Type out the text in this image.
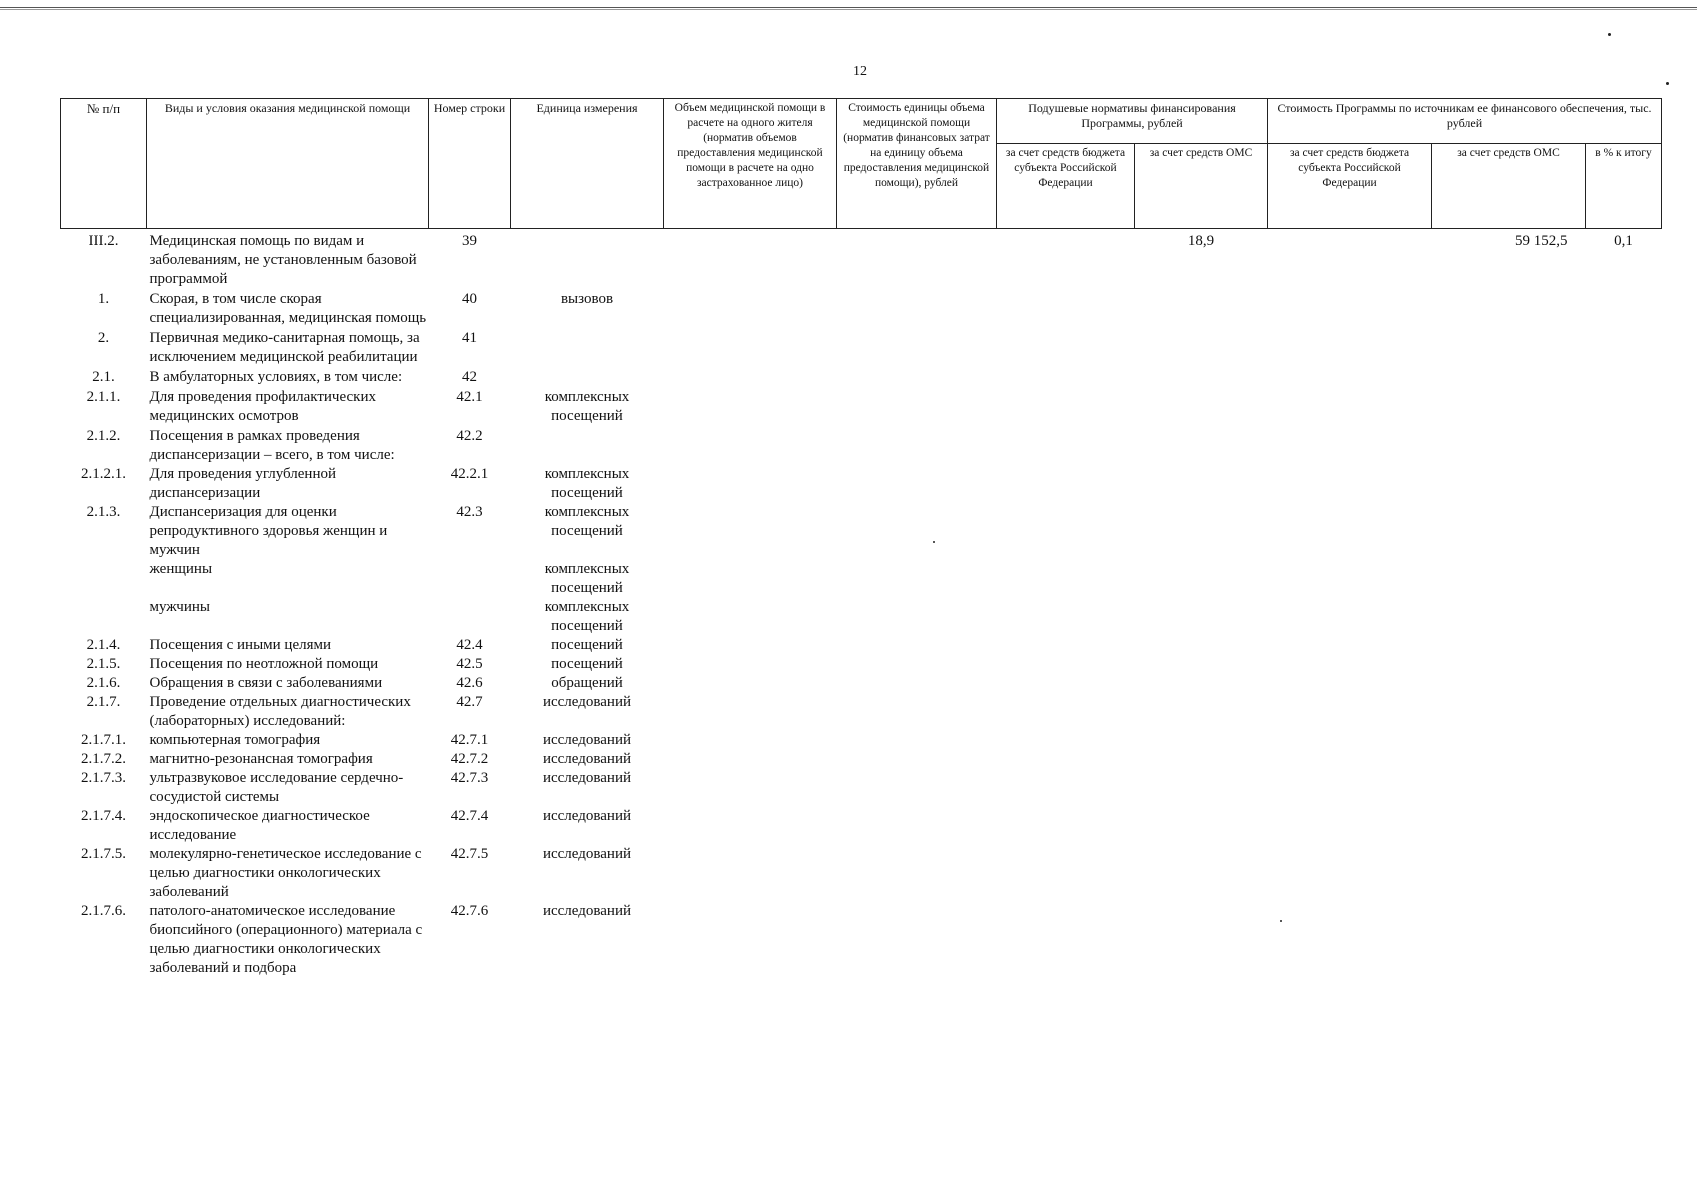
12
№ п/п	Виды и условия оказания медицинской помощи	Номер строки	Единица измерения	Объем медицинской помощи в расчете на одного жителя (норматив объемов предоставления медицинской помощи в расчете на одно застрахованное лицо)	Стоимость единицы объема медицинской помощи (норматив финансовых затрат на единицу объема предоставления медицинской помощи), рублей	Подушевые нормативы финансирования Программы, рублей		Стоимость Программы по источникам ее финансового обеспечения, тыс. рублей		
						за счет средств бюджета субъекта Российской Федерации	за счет средств ОМС	за счет средств бюджета субъекта Российской Федерации	за счет средств ОМС	в % к итогу
III.2.	Медицинская помощь по видам и заболеваниям, не установленным базовой программой	39					18,9		59 152,5	0,1
1.	Скорая, в том числе скорая специализированная, медицинская помощь	40	вызовов							
2.	Первичная медико-санитарная помощь, за исключением медицинской реабилитации	41								
2.1.	В амбулаторных условиях, в том числе:	42								
2.1.1.	Для проведения профилактических медицинских осмотров	42.1	комплексных посещений							
2.1.2.	Посещения в рамках проведения диспансеризации – всего, в том числе:	42.2								
2.1.2.1.	Для проведения углубленной диспансеризации	42.2.1	комплексных посещений							
2.1.3.	Диспансеризация для оценки репродуктивного здоровья женщин и мужчин	42.3	комплексных посещений							
	женщины		комплексных посещений							
	мужчины		комплексных посещений							
2.1.4.	Посещения с иными целями	42.4	посещений							
2.1.5.	Посещения по неотложной помощи	42.5	посещений							
2.1.6.	Обращения в связи с заболеваниями	42.6	обращений							
2.1.7.	Проведение отдельных диагностических (лабораторных) исследований:	42.7	исследований							
2.1.7.1.	компьютерная томография	42.7.1	исследований							
2.1.7.2.	магнитно-резонансная томография	42.7.2	исследований							
2.1.7.3.	ультразвуковое исследование сердечно-сосудистой системы	42.7.3	исследований							
2.1.7.4.	эндоскопическое диагностическое исследование	42.7.4	исследований							
2.1.7.5.	молекулярно-генетическое исследование с целью диагностики онкологических заболеваний	42.7.5	исследований							
2.1.7.6.	патолого-анатомическое исследование биопсийного (операционного) материала с целью диагностики онкологических заболеваний и подбора	42.7.6	исследований							
